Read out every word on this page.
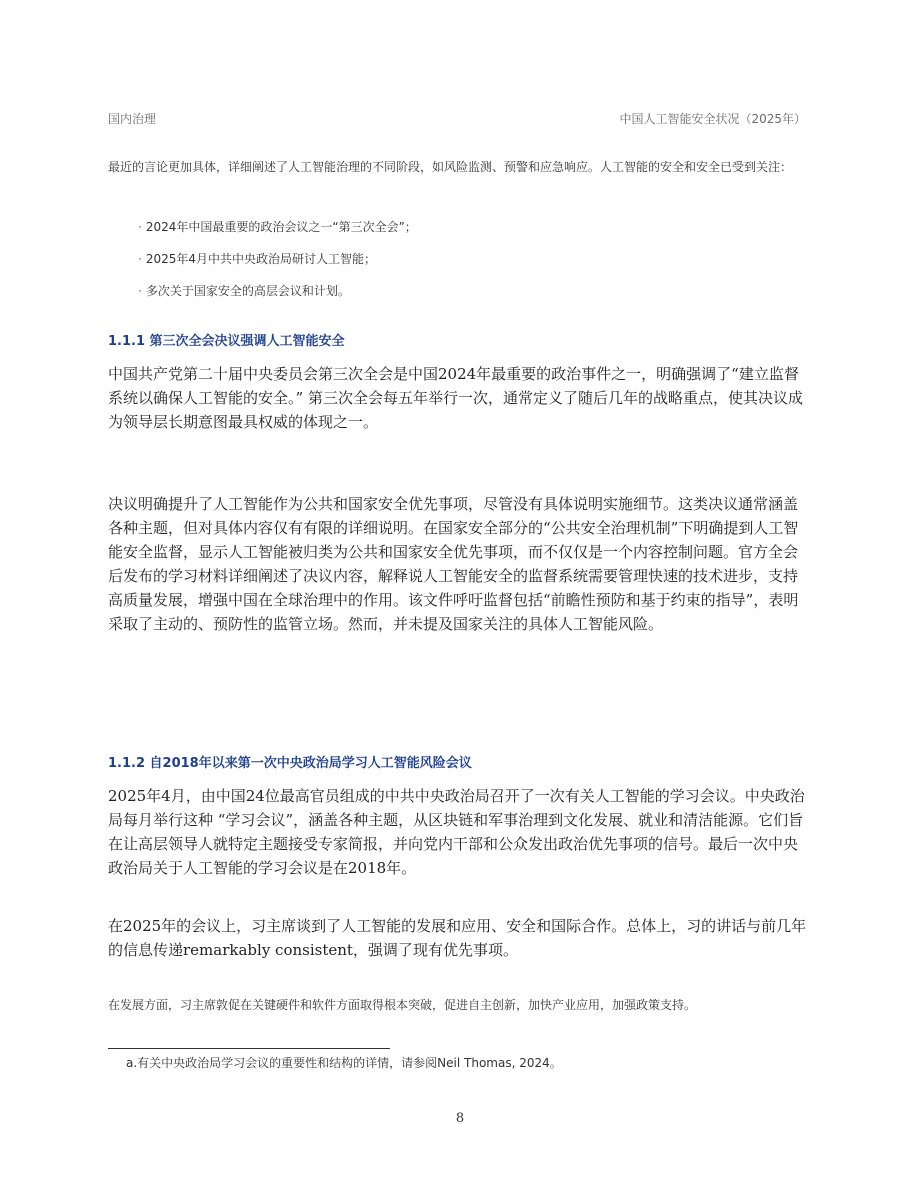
国内治理	中国人工智能安全状况（2025年）
最近的言论更加具体，详细阐述了人工智能治理的不同阶段，如风险监测、预警和应急响应。人工智能的安全和安全已受到关注：
· 2024年中国最重要的政治会议之一“第三次全会”；
· 2025年4月中共中央政治局研讨人工智能；
· 多次关于国家安全的高层会议和计划。
1.1.1 第三次全会决议强调人工智能安全
中国共产党第二十届中央委员会第三次全会是中国2024年最重要的政治事件之一，明确强调了“建立监督系统以确保人工智能的安全。” 第三次全会每五年举行一次，通常定义了随后几年的战略重点，使其决议成为领导层长期意图最具权威的体现之一。
决议明确提升了人工智能作为公共和国家安全优先事项，尽管没有具体说明实施细节。这类决议通常涵盖各种主题，但对具体内容仅有有限的详细说明。在国家安全部分的“公共安全治理机制”下明确提到人工智能安全监督，显示人工智能被归类为公共和国家安全优先事项，而不仅仅是一个内容控制问题。官方全会后发布的学习材料详细阐述了决议内容，解释说人工智能安全的监督系统需要管理快速的技术进步，支持高质量发展，增强中国在全球治理中的作用。该文件呼吁监督包括“前瞻性预防和基于约束的指导”，表明采取了主动的、预防性的监管立场。然而，并未提及国家关注的具体人工智能风险。
1.1.2 自2018年以来第一次中央政治局学习人工智能风险会议
2025年4月，由中国24位最高官员组成的中共中央政治局召开了一次有关人工智能的学习会议。中央政治局每月举行这种 “学习会议”，涵盖各种主题，从区块链和军事治理到文化发展、就业和清洁能源。它们旨在让高层领导人就特定主题接受专家简报，并向党内干部和公众发出政治优先事项的信号。最后一次中央政治局关于人工智能的学习会议是在2018年。
在2025年的会议上，习主席谈到了人工智能的发展和应用、安全和国际合作。总体上，习的讲话与前几年的信息传递remarkably consistent，强调了现有优先事项。
在发展方面，习主席敦促在关键硬件和软件方面取得根本突破，促进自主创新，加快产业应用，加强政策支持。
a.有关中央政治局学习会议的重要性和结构的详情，请参阅Neil Thomas, 2024。
8
